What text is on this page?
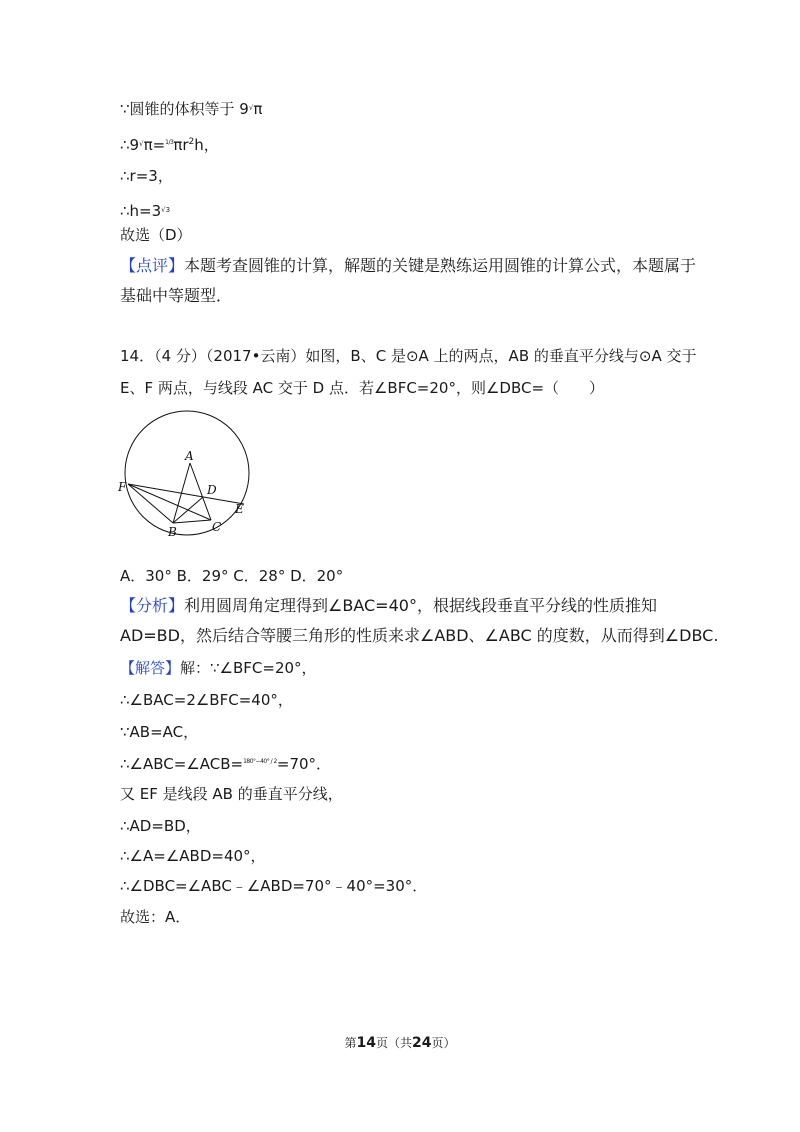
∵圆锥的体积等于 9√π
$\therefore 9^√\pi=^{1/3}\pi r^2h$，
∴r=3，
$\therefore h=3^{√3}$
故选（D）
【点评】本题考查圆锥的计算，解题的关键是熟练运用圆锥的计算公式，本题属于
基础中等题型．
14．（4 分）（2017•云南）如图，B、C 是⊙A 上的两点，AB 的垂直平分线与⊙A 交于
E、F 两点，与线段 AC 交于 D 点．若∠BFC=20°，则∠DBC=（　　）
A
B	C
D
E
F
A．30° B．29° C．28° D．20°
【分析】利用圆周角定理得到∠BAC=40°，根据线段垂直平分线的性质推知
AD=BD，然后结合等腰三角形的性质来求∠ABD、∠ABC 的度数，从而得到∠DBC.
【解答】解：∵∠BFC=20°，
∴∠BAC=2∠BFC=40°，
∵AB=AC，
∴∠ABC=∠ACB=$^{180^\circ-40^\circ / 2}$=70°．
又 EF 是线段 AB 的垂直平分线，
∴AD=BD，
∴∠A=∠ABD=40°，
∴∠DBC=∠ABC﹣∠ABD=70°﹣40°=30°．
故选：A．
第14页（共24页）
